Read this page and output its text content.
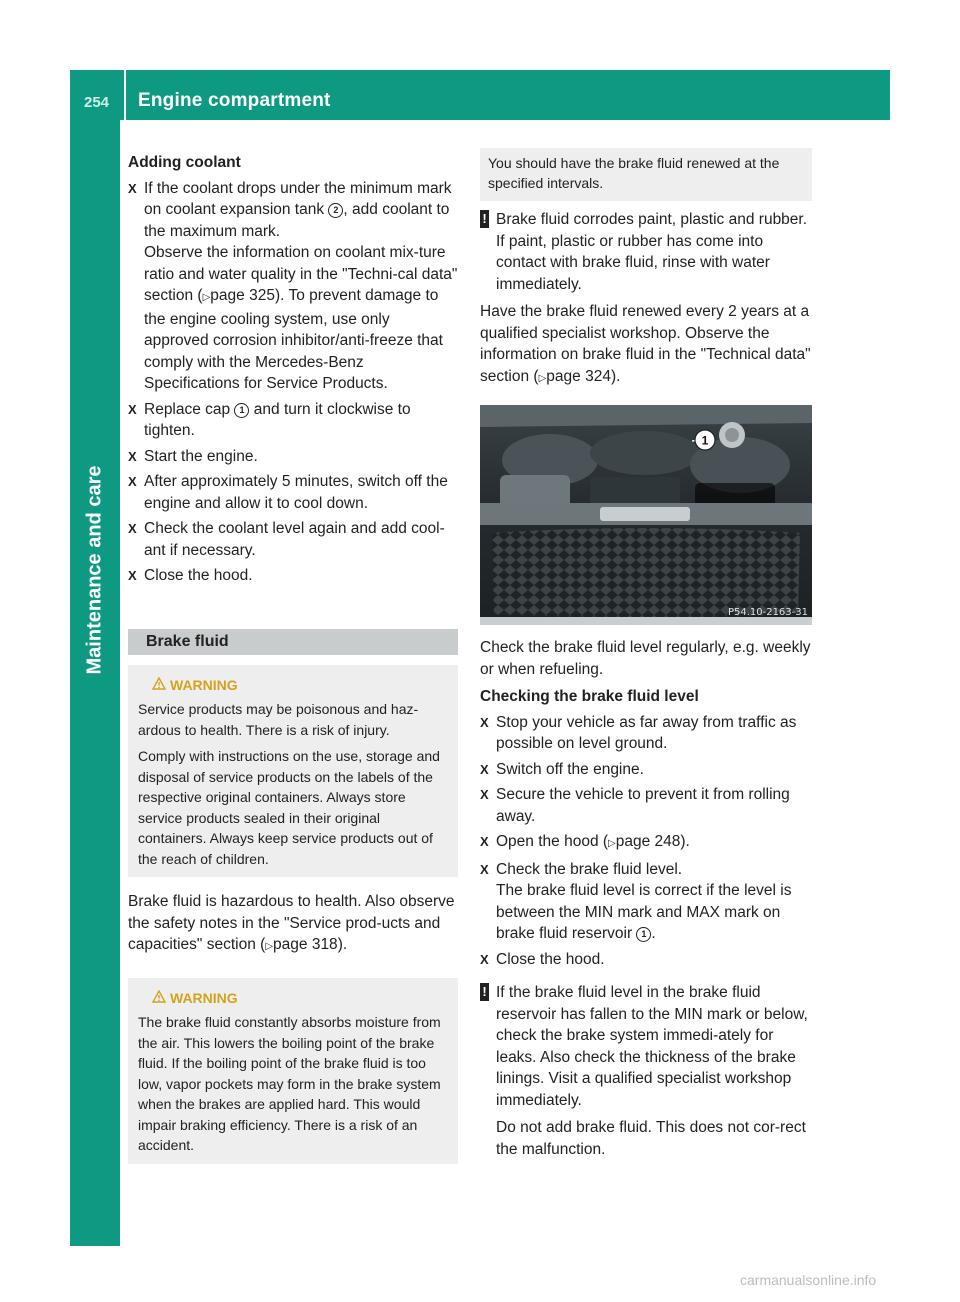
254	Engine compartment
Maintenance and care
Adding coolant
X If the coolant drops under the minimum mark on coolant expansion tank 2 , add coolant to the maximum mark.
Observe the information on coolant mix-ture ratio and water quality in the "Techni-cal data" section (▷page 325). To prevent damage to the engine cooling system, use only approved corrosion inhibitor/anti-freeze that comply with the Mercedes-Benz Specifications for Service Products.
X Replace cap 1 and turn it clockwise to tighten.
X Start the engine.
X After approximately 5 minutes, switch off the engine and allow it to cool down.
X Check the coolant level again and add cool-ant if necessary.
X Close the hood.
Brake fluid
WARNING

Service products may be poisonous and haz-ardous to health. There is a risk of injury.

Comply with instructions on the use, storage and disposal of service products on the labels of the respective original containers. Always store service products sealed in their original containers. Always keep service products out of the reach of children.

Brake fluid is hazardous to health. Also observe the safety notes in the "Service prod-ucts and capacities" section (▷page 318).
WARNING

The brake fluid constantly absorbs moisture from the air. This lowers the boiling point of the brake fluid. If the boiling point of the brake fluid is too low, vapor pockets may form in the brake system when the brakes are applied hard. This would impair braking efficiency. There is a risk of an accident.

You should have the brake fluid renewed at the specified intervals.
! Brake fluid corrodes paint, plastic and rubber. If paint, plastic or rubber has come into contact with brake fluid, rinse with water immediately.
Have the brake fluid renewed every 2 years at a qualified specialist workshop. Observe the information on brake fluid in the "Technical data" section (▷page 324).
1
P54.10-2163-31
Check the brake fluid level regularly, e.g. weekly or when refueling.
Checking the brake fluid level
X Stop your vehicle as far away from traffic as possible on level ground.
X Switch off the engine.
X Secure the vehicle to prevent it from rolling away.
X Open the hood (▷page 248).
X Check the brake fluid level.
The brake fluid level is correct if the level is between the MIN mark and MAX mark on brake fluid reservoir 1 .
X Close the hood.
! If the brake fluid level in the brake fluid reservoir has fallen to the MIN mark or below, check the brake system immedi-ately for leaks. Also check the thickness of the brake linings. Visit a qualified specialist workshop immediately.
Do not add brake fluid. This does not cor-rect the malfunction.
carmanualsonline.info
